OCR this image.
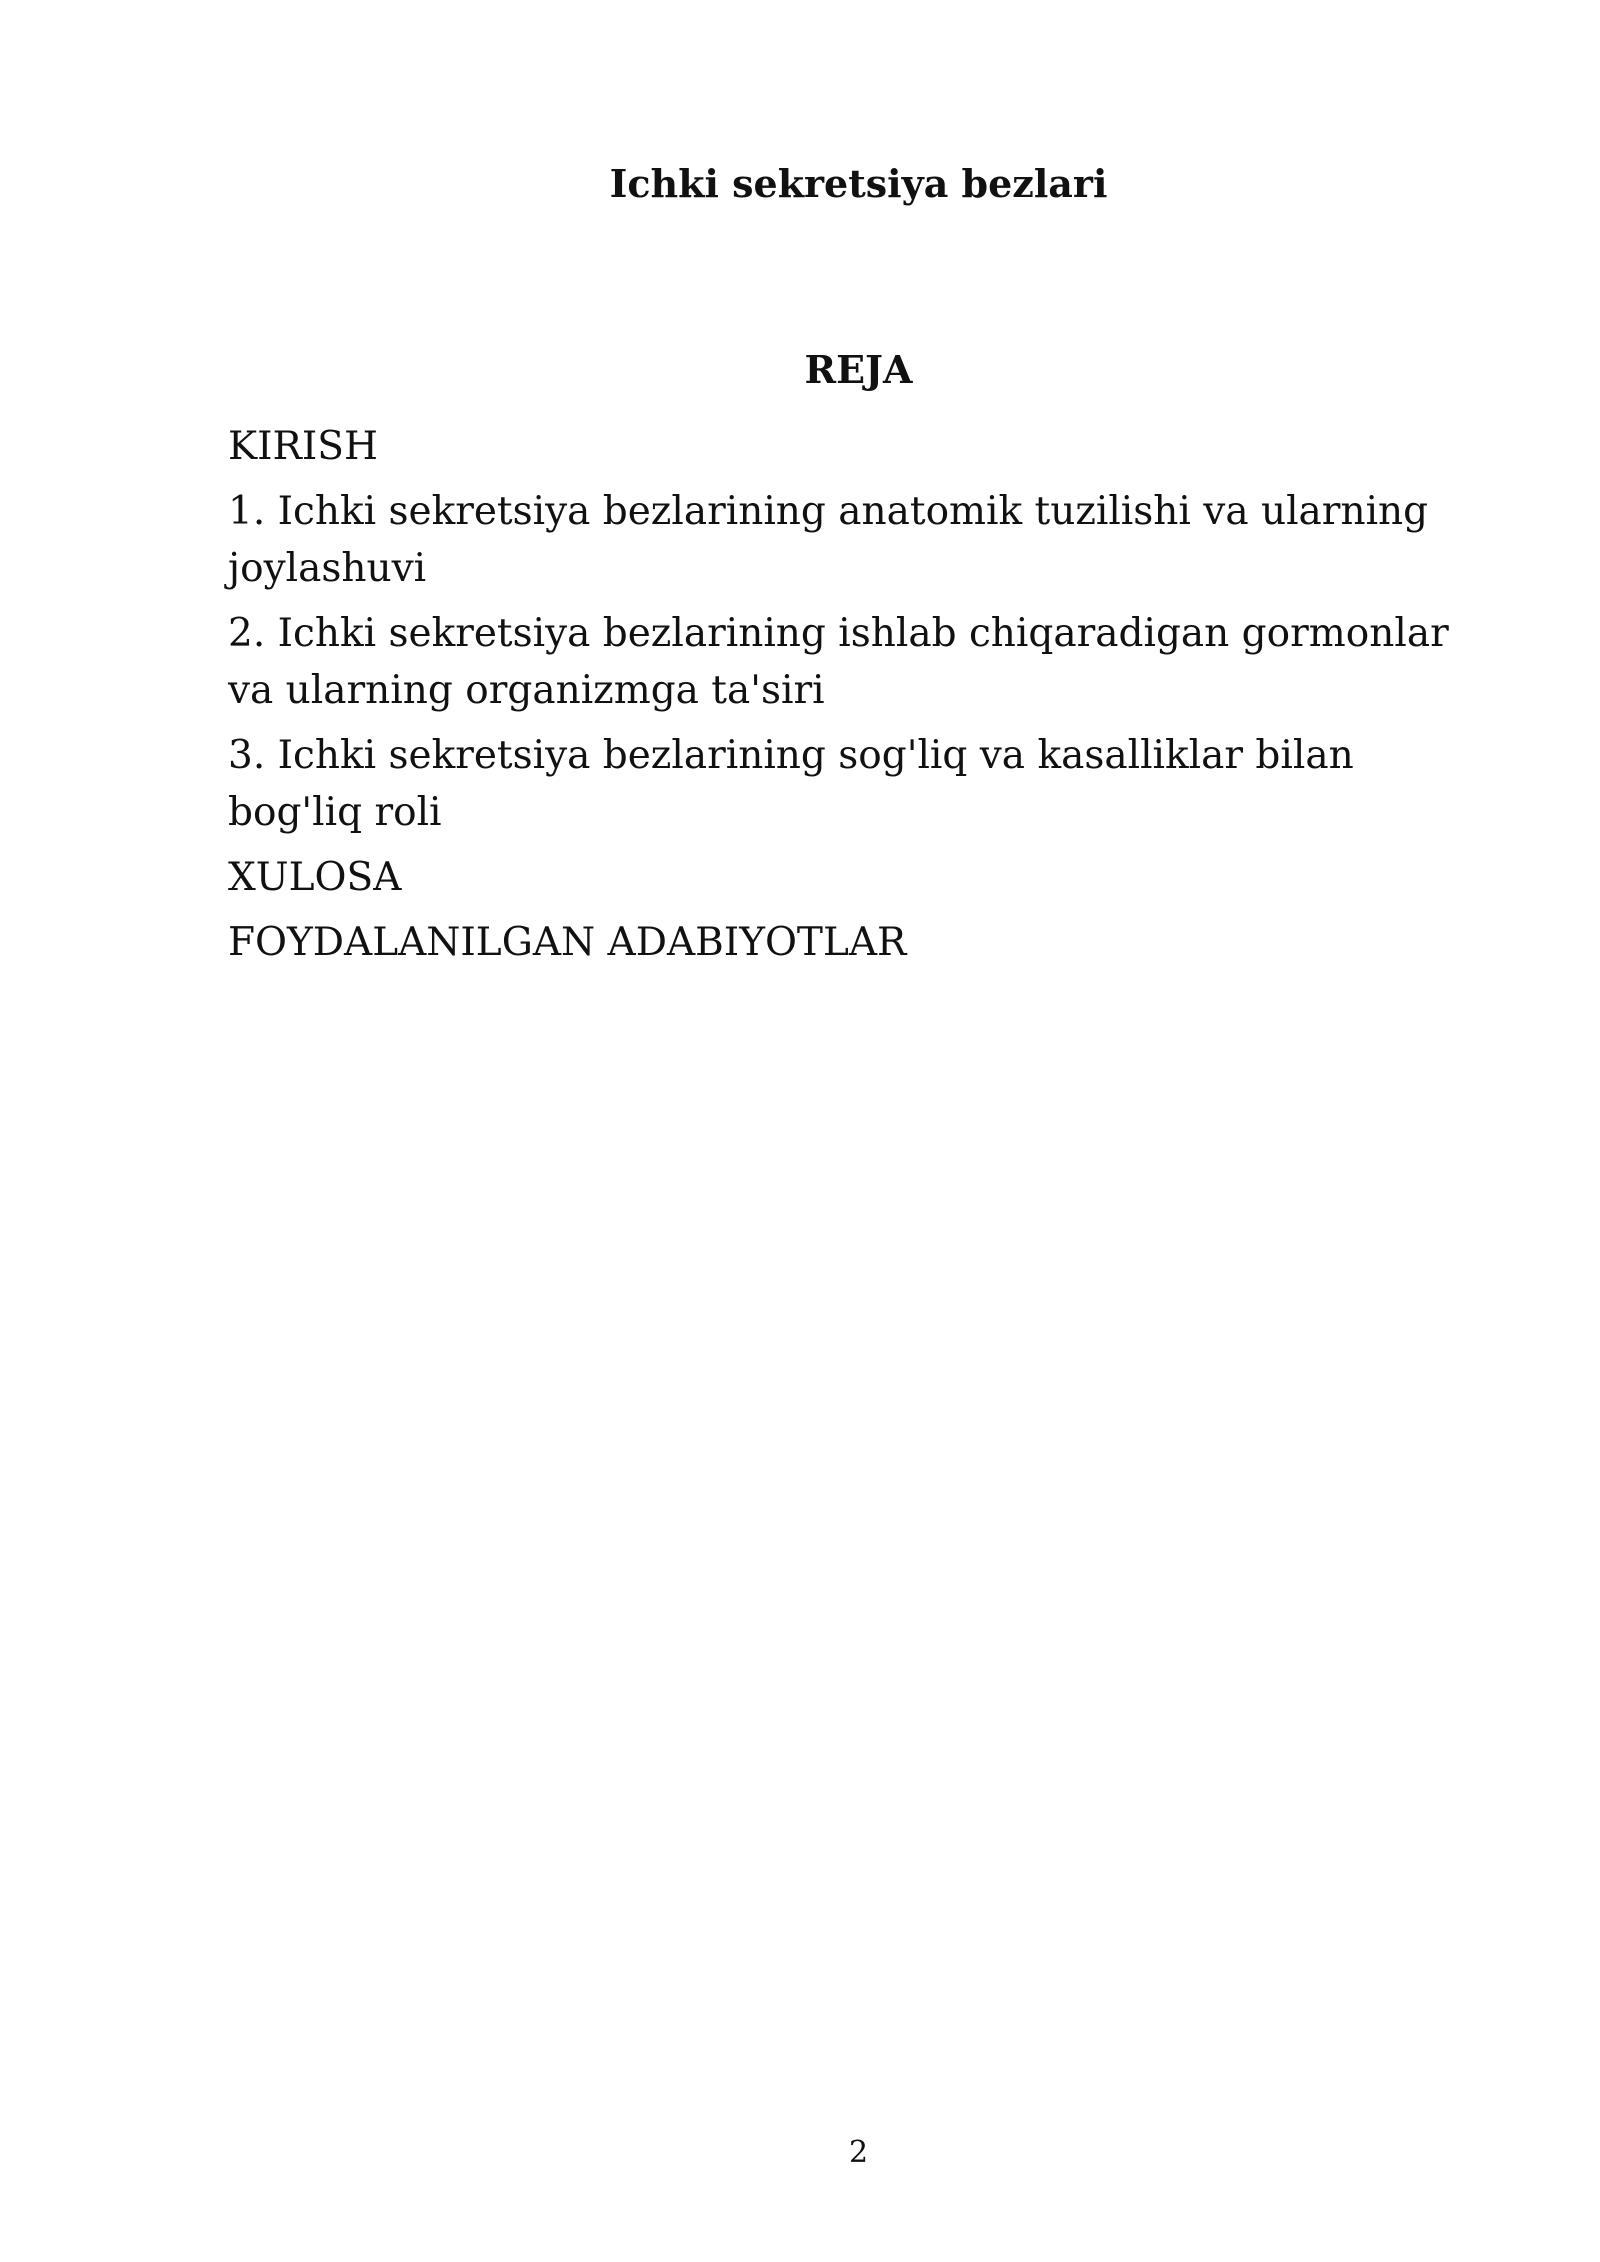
Ichki sekretsiya bezlari
REJA
KIRISH
1. Ichki sekretsiya bezlarining anatomik tuzilishi va ularning joylashuvi
2. Ichki sekretsiya bezlarining ishlab chiqaradigan gormonlar va ularning organizmga ta'siri
3. Ichki sekretsiya bezlarining sog'liq va kasalliklar bilan bog'liq roli
XULOSA
FOYDALANILGAN ADABIYOTLAR
2
